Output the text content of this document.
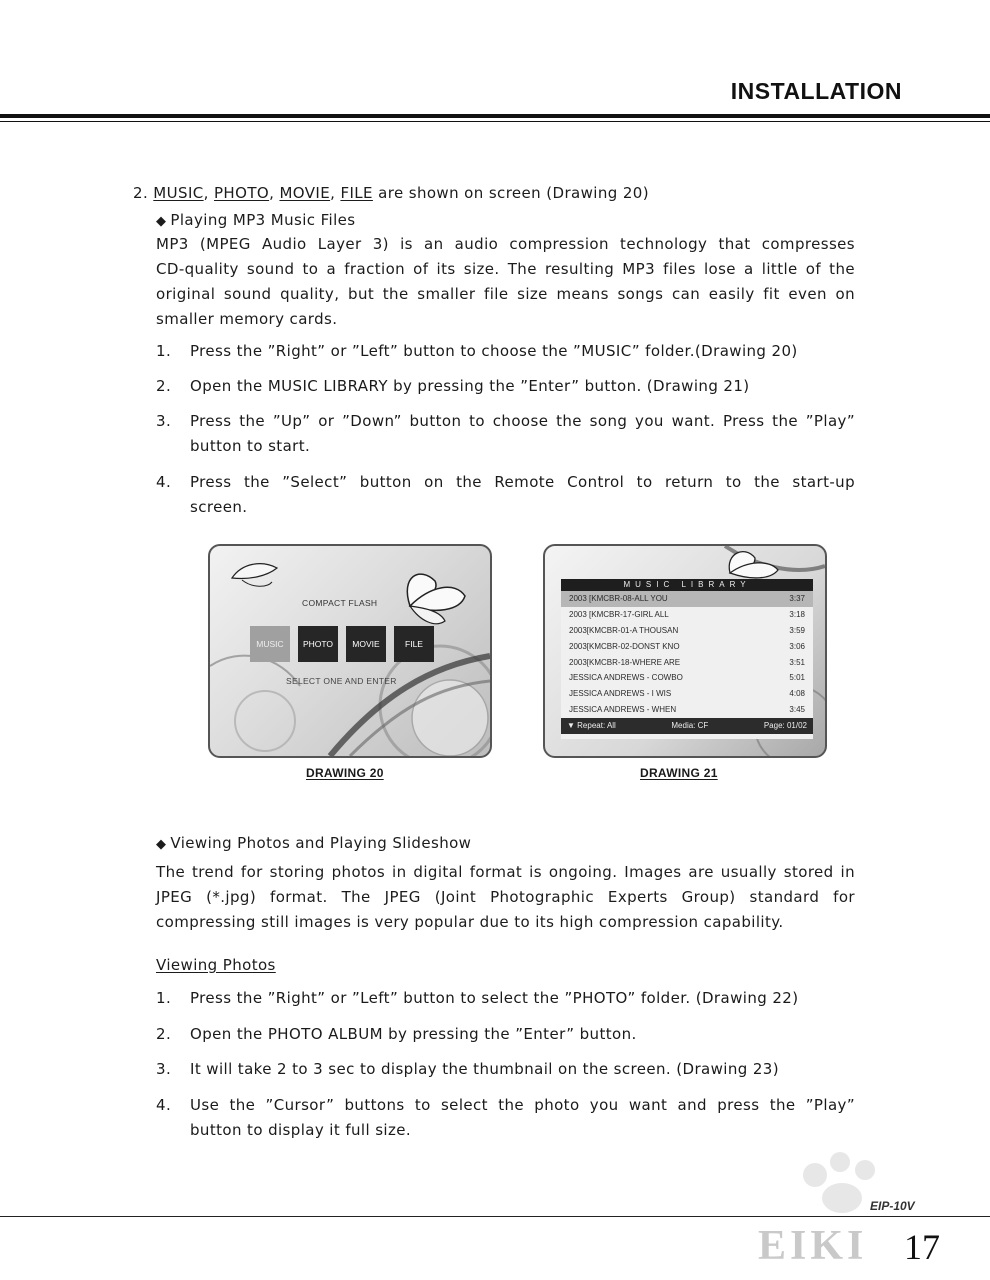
INSTALLATION
2. MUSIC, PHOTO, MOVIE, FILE are shown on screen (Drawing 20)
◆ Playing MP3 Music Files
MP3 (MPEG Audio Layer 3) is an audio compression technology that compresses
CD-quality sound to a fraction of its size. The resulting MP3 files lose a little of the
original sound quality, but the smaller file size means songs can easily fit even on
smaller memory cards.
1.	Press the ”Right” or ”Left” button to choose the ”MUSIC” folder.(Drawing 20)
2.	Open the MUSIC LIBRARY by pressing the ”Enter” button. (Drawing 21)
3.	Press the ”Up” or ”Down” button to choose the song you want. Press the ”Play”
button to start.
4.	Press the ”Select” button on the Remote Control to return to the start-up
screen.
COMPACT FLASH
MUSIC	PHOTO	MOVIE	FILE
SELECT ONE AND ENTER
DRAWING 20
MUSIC LIBRARY
2003 [KMCBR-08-ALL YOU	3:37
2003 [KMCBR-17-GIRL ALL	3:18
2003[KMCBR-01-A THOUSAN	3:59
2003[KMCBR-02-DONST KNO	3:06
2003[KMCBR-18-WHERE ARE	3:51
JESSICA ANDREWS - COWBO	5:01
JESSICA ANDREWS - I WIS	4:08
JESSICA ANDREWS - WHEN	3:45
▼ Repeat: All	Media: CF	Page: 01/02
DRAWING 21
◆ Viewing Photos and Playing Slideshow
The trend for storing photos in digital format is ongoing. Images are usually stored in
JPEG (*.jpg) format. The JPEG (Joint Photographic Experts Group) standard for
compressing still images is very popular due to its high compression capability.
Viewing Photos
1.	Press the ”Right” or ”Left” button to select the ”PHOTO” folder. (Drawing 22)
2.	Open the PHOTO ALBUM by pressing the ”Enter” button.
3.	It will take 2 to 3 sec to display the thumbnail on the screen. (Drawing 23)
4.	Use the ”Cursor” buttons to select the photo you want and press the ”Play”
button to display it full size.
EIP-10V
EIKI 17
